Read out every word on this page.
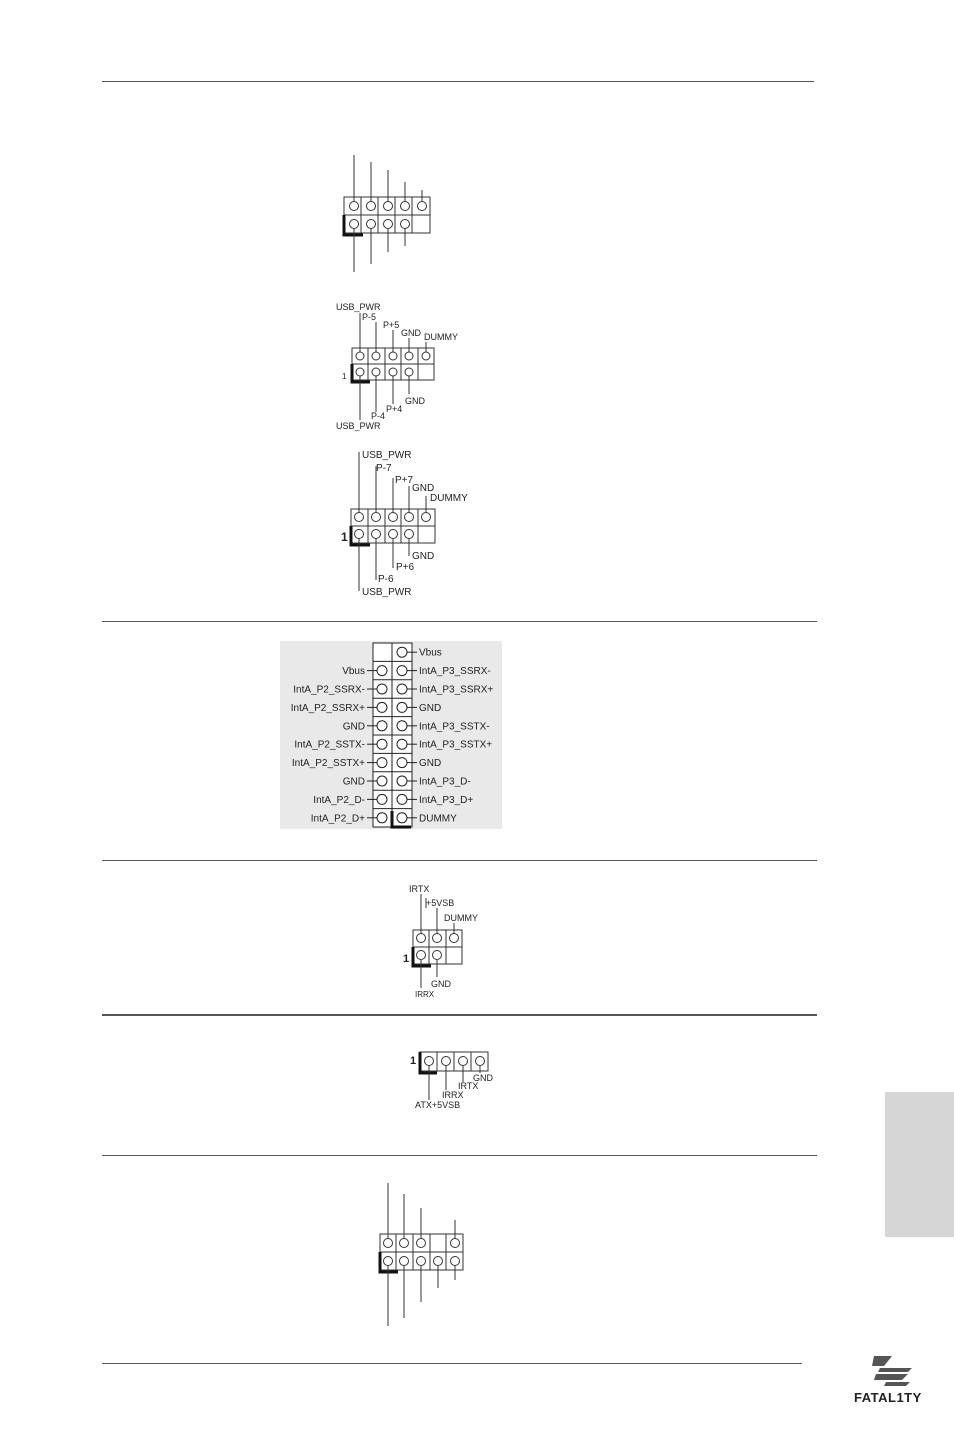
USB_PWR
P-5
P+5
GND DUMMY
1
GND
P+4
P-4
USB_PWR
USB_PWR
P-7
P+7
GND
DUMMY
1
GND
P+6
P-6
USB_PWR
Vbus
IntA_P2_SSRX-
IntA_P2_SSRX+
GND
IntA_P2_SSTX-
IntA_P2_SSTX+
GND
IntA_P2_D-
IntA_P2_D+
Vbus
IntA_P3_SSRX-
IntA_P3_SSRX+
GND
IntA_P3_SSTX-
IntA_P3_SSTX+
GND
IntA_P3_D-
IntA_P3_D+
DUMMY
IRTX
+5VSB
DUMMY
1
GND
IRRX
1
GND
IRTX
IRRX
ATX+5VSB
FATAL1TY
